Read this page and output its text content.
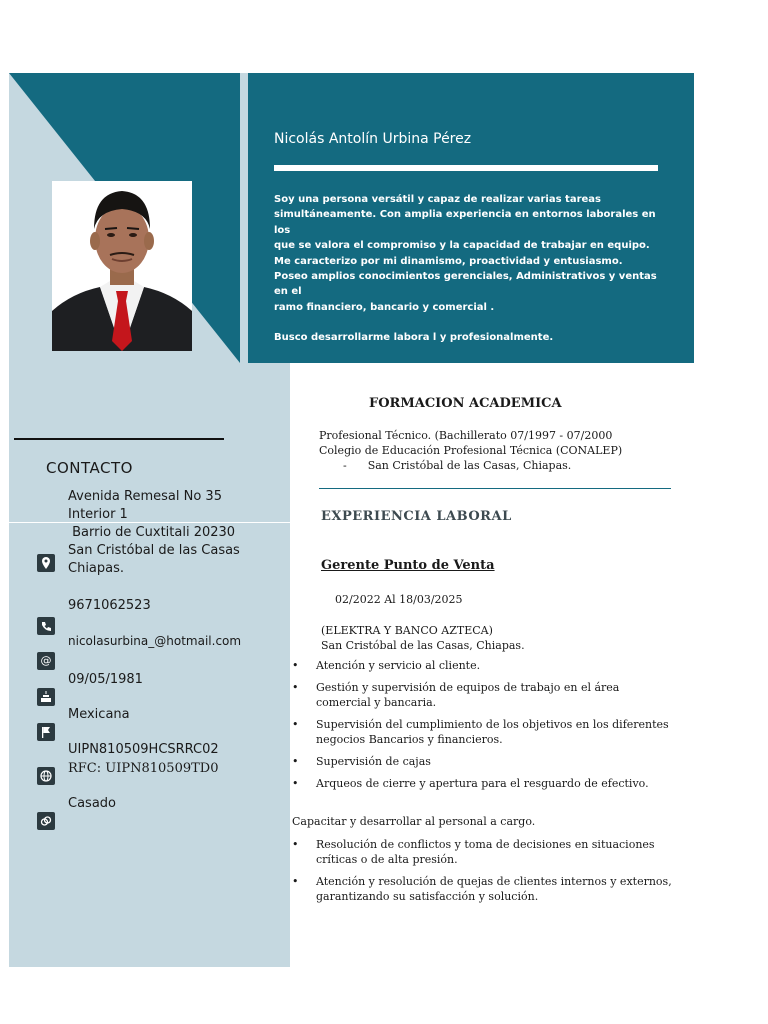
Nicolás Antolín Urbina Pérez

Soy una persona versátil y capaz de realizar varias tareas

simultáneamente. Con amplia experiencia en entornos laborales en los

que se valora el compromiso y la capacidad de trabajar en equipo.

Me caracterizo por mi dinamismo, proactividad y entusiasmo.

Poseo amplios conocimientos gerenciales, Administrativos y ventas en el

ramo financiero, bancario y comercial .

Busco desarrollarme labora l y profesionalmente.

CONTACTO
Avenida Remesal No 35
Interior 1
Barrio de Cuxtitali 20230
San Cristóbal de las Casas
Chiapas.
9671062523
nicolasurbina_@hotmail.com
@
09/05/1981
Mexicana
UIPN810509HCSRRC02
RFC: UIPN810509TD0
Casado
FORMACION ACADEMICA
Profesional Técnico. (Bachillerato 07/1997 - 07/2000
Colegio de Educación Profesional Técnica (CONALEP)
-      San Cristóbal de las Casas, Chiapas.
EXPERIENCIA LABORAL
Gerente Punto de Venta
02/2022 Al 18/03/2025
(ELEKTRA Y BANCO AZTECA)
San Cristóbal de las Casas, Chiapas.
• Atención y servicio al cliente.
• Gestión y supervisión de equipos de trabajo en el área comercial y bancaria.
• Supervisión del cumplimiento de los objetivos en los diferentes negocios Bancarios y financieros.
• Supervisión de cajas
• Arqueos de cierre y apertura para el resguardo de efectivo.
Capacitar y desarrollar al personal a cargo.
• Resolución de conflictos y toma de decisiones en situaciones críticas o de alta presión.
• Atención y resolución de quejas de clientes internos y externos, garantizando su satisfacción y solución.
